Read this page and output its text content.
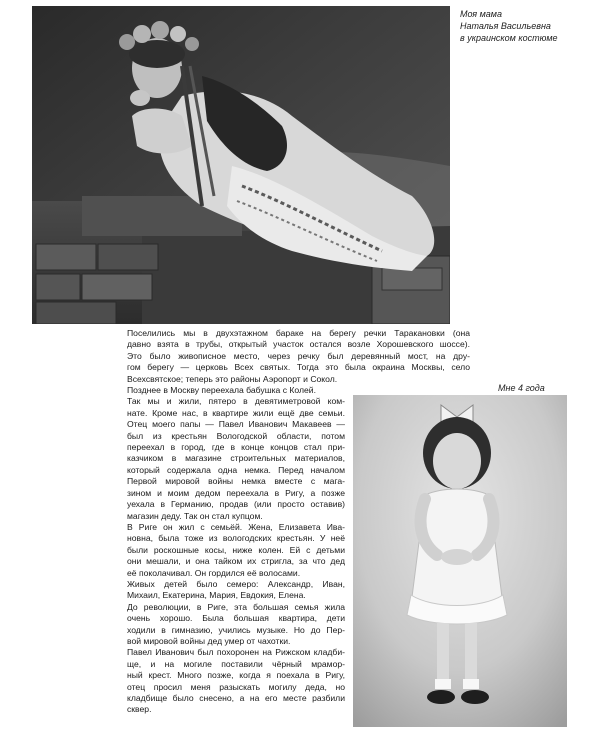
Моя мама
Наталья Васильевна
в украинском костюме
Поселились мы в двухэтажном бараке на берегу речки Таракановки (она
давно взята в трубы, открытый участок остался возле Хорошевского шоссе).
Это было живописное место, через речку был деревянный мост, на дру-
гом берегу — церковь Всех святых. Тогда это была окраина Москвы, село
Всехсвятское; теперь это районы Аэропорт и Сокол.
Позднее в Москву переехала бабушка с Колей.
Так мы и жили, пятеро в девятиметровой ком-
нате. Кроме нас, в квартире жили ещё две семьи.
Отец моего папы — Павел Иванович Макавеев —
был из крестьян Вологодской области, потом
переехал в город, где в конце концов стал при-
казчиком в магазине строительных материалов,
который содержала одна немка. Перед началом
Первой мировой войны немка вместе с мага-
зином и моим дедом переехала в Ригу, а позже
уехала в Германию, продав (или просто оставив)
магазин деду. Так он стал купцом.
В Риге он жил с семьёй. Жена, Елизавета Ива-
новна, была тоже из вологодских крестьян. У неё
были роскошные косы, ниже колен. Ей с детьми
они мешали, и она тайком их стригла, за что дед
её поколачивал. Он гордился её волосами.
Живых детей было семеро: Александр, Иван,
Михаил, Екатерина, Мария, Евдокия, Елена.
До революции, в Риге, эта большая семья жила
очень хорошо. Была большая квартира, дети
ходили в гимназию, учились музыке. Но до Пер-
вой мировой войны дед умер от чахотки.
Павел Иванович был похоронен на Рижском кладби-
ще, и на могиле поставили чёрный мрамор-
ный крест. Много позже, когда я поехала в Ригу,
отец просил меня разыскать могилу деда, но
кладбище было снесено, а на его месте разбили
сквер.
Мне 4 года
